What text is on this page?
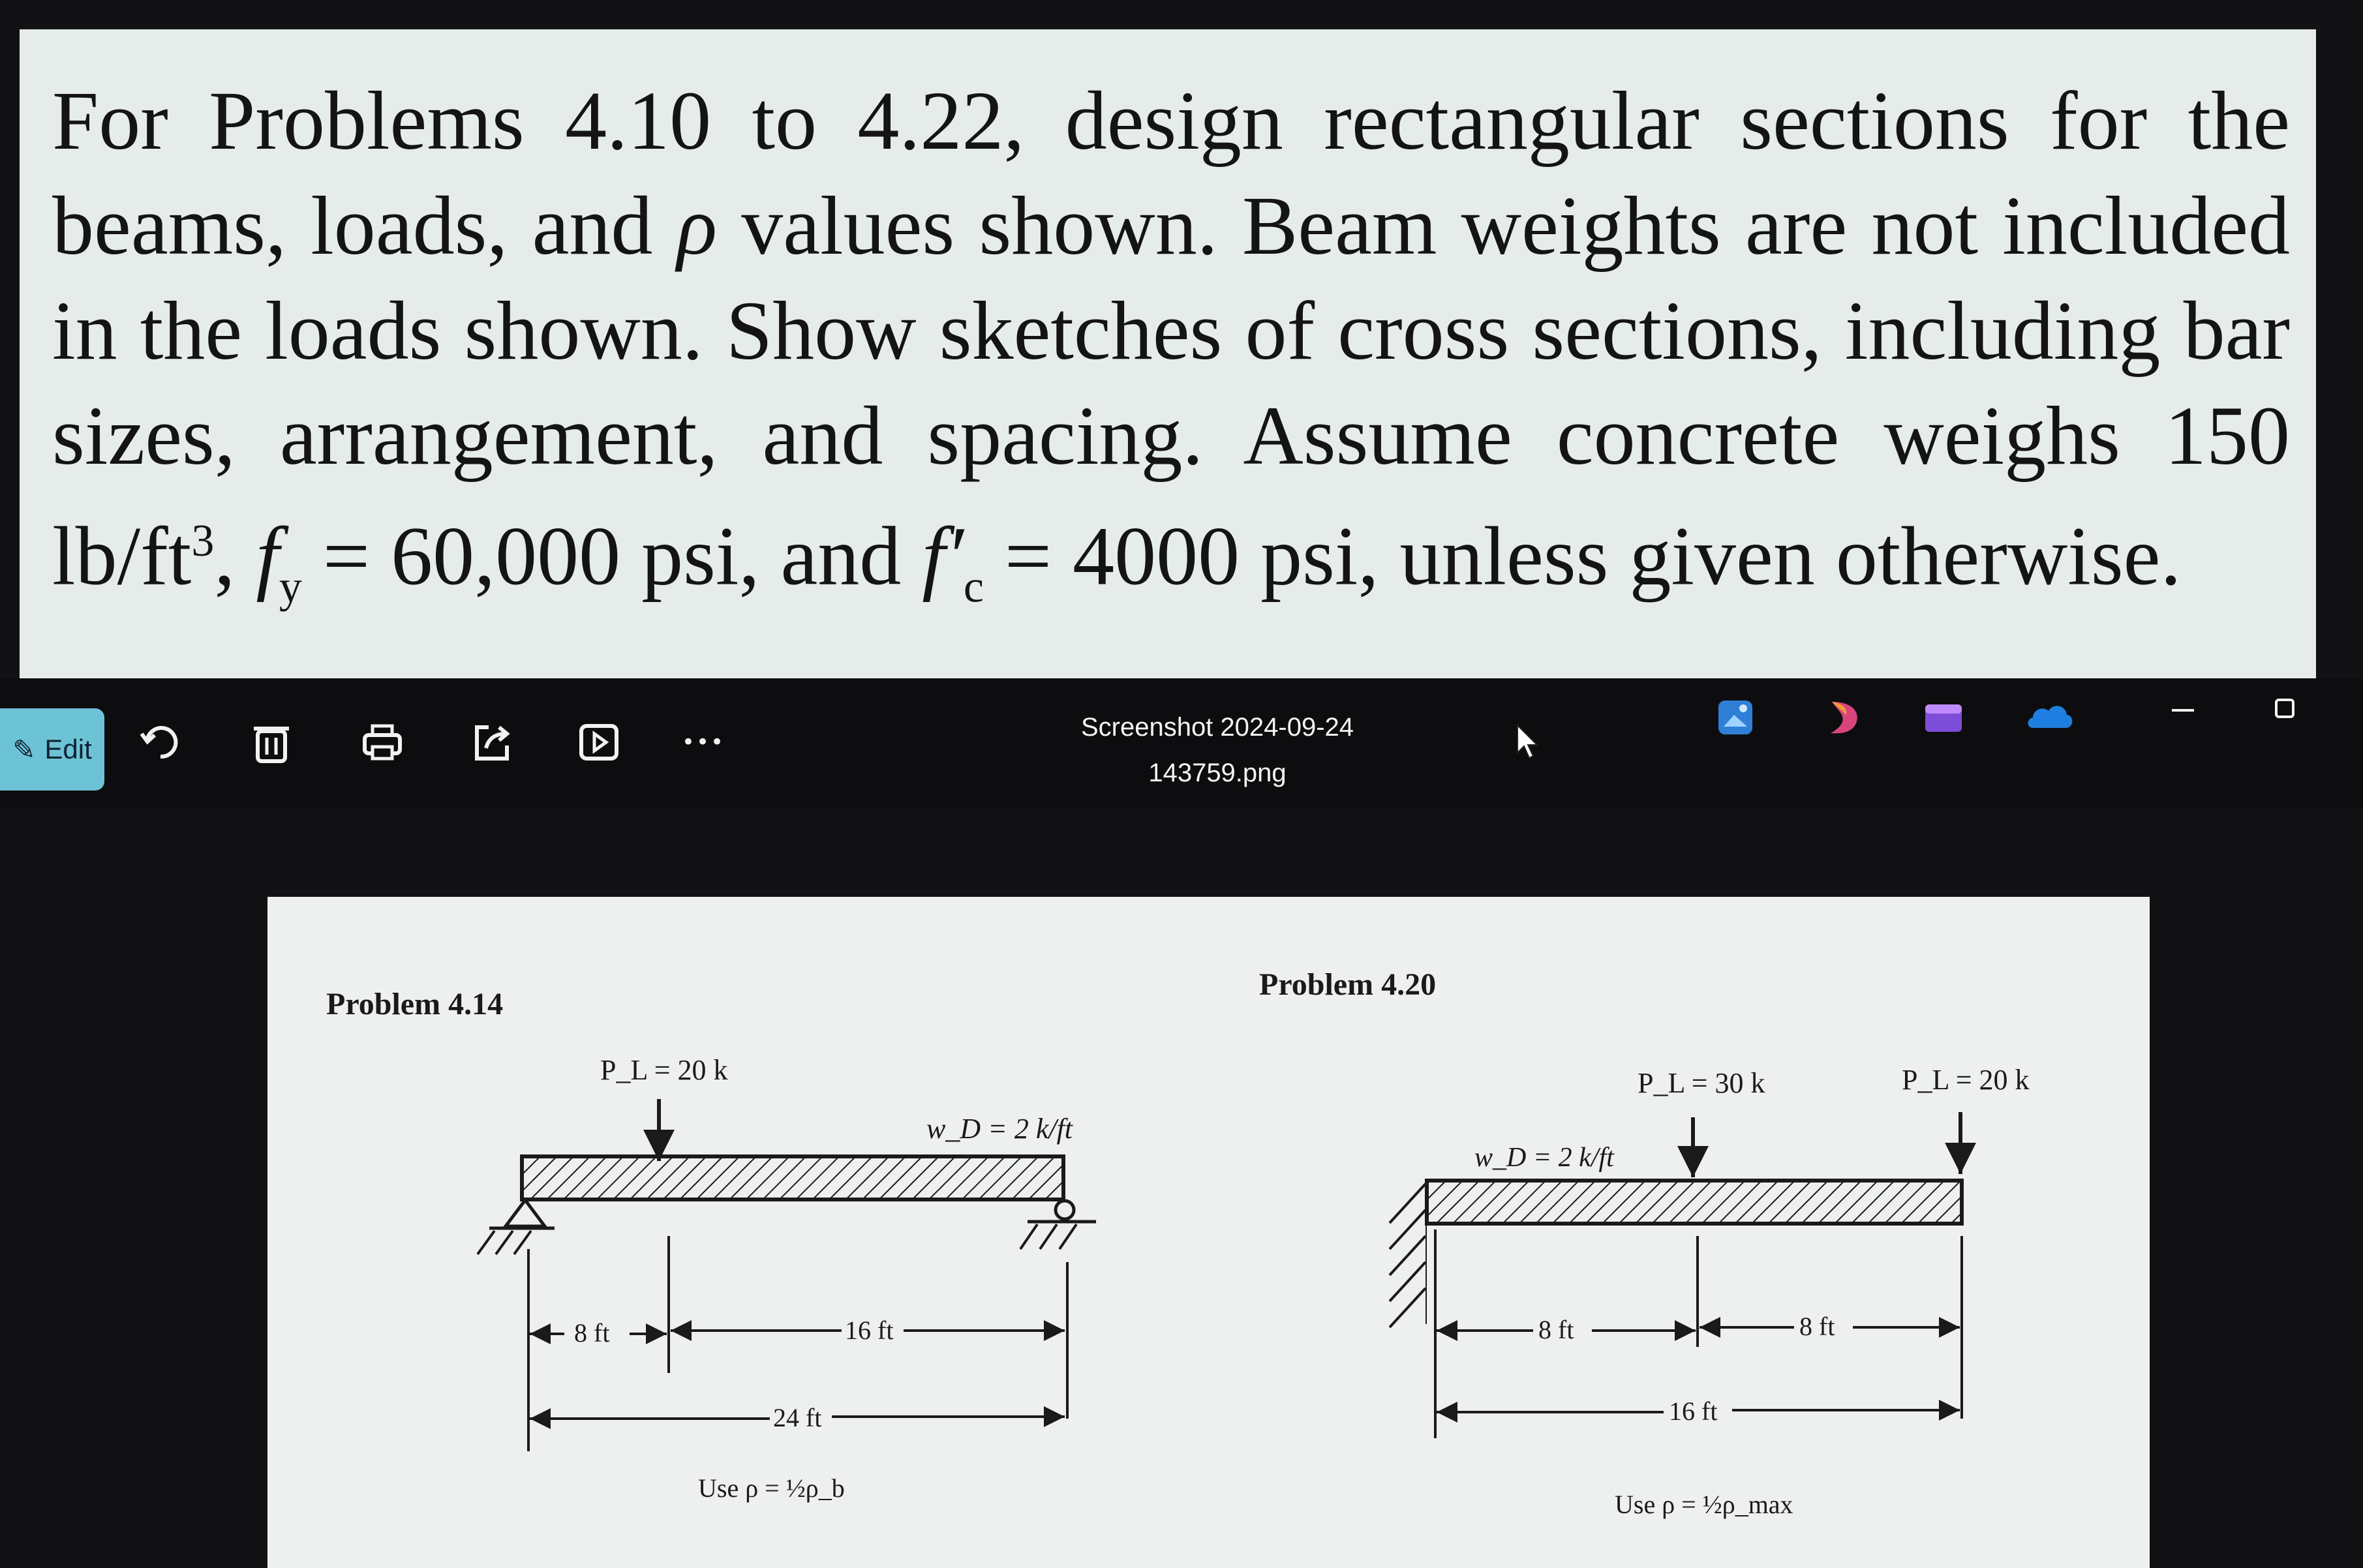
For Problems 4.10 to 4.22, design rectangular sections for the beams, loads, and ρ values shown. Beam weights are not included in the loads shown. Show sketches of cross sections, including bar sizes, arrangement, and spacing. Assume concrete weighs 150 $lb/ft^3$, $f_y = 60,000$ psi, and $f'_c = 4000$ psi, unless given otherwise.
✎ Edit	•••
Screenshot 2024-09-24 143759.png
Problem 4.14
P_L = 20 k
w_D = 2 k/ft
8 ft	16 ft
24 ft
Use ρ = ½ρ_b
Problem 4.20
P_L = 30 k	P_L = 20 k
w_D = 2 k/ft
8 ft	8 ft
16 ft
Use ρ = ½ρ_max
